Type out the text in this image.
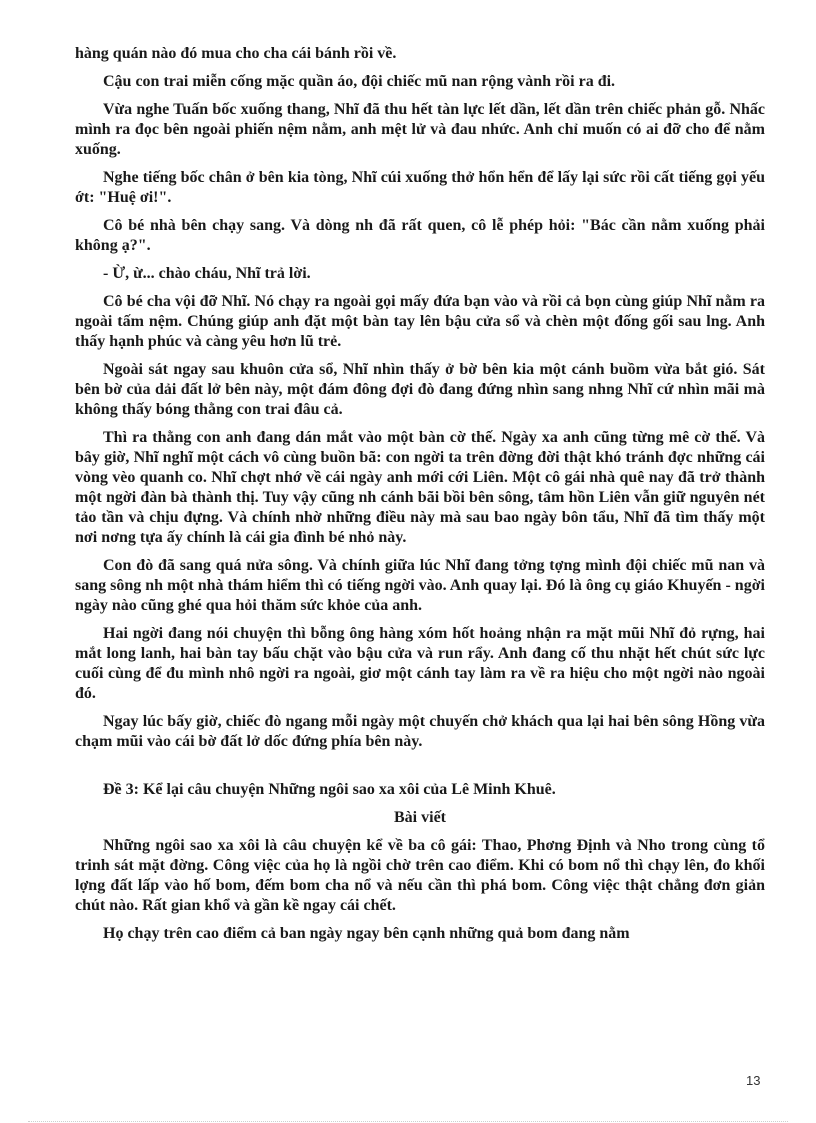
hàng quán nào đó mua cho cha cái bánh rồi về.

Cậu con trai miễn cống mặc quần áo, đội chiếc mũ nan rộng vành rồi ra đi.

Vừa nghe Tuấn bốc xuống thang, Nhĩ đã thu hết tàn lực lết dần, lết dần trên chiếc phản gỗ. Nhấc mình ra đọc bên ngoài phiến nệm nằm, anh mệt lử và đau nhức. Anh chỉ muốn có ai đỡ cho để nằm xuống.

Nghe tiếng bốc chân ở bên kia tòng, Nhĩ cúi xuống thở hổn hển để lấy lại sức rồi cất tiếng gọi yếu ớt: "Huệ ơi!".

Cô bé nhà bên chạy sang. Và dòng nh đã rất quen, cô lễ phép hỏi: "Bác cần nằm xuống phải không ạ?".

- Ừ, ừ... chào cháu, Nhĩ trả lời.

Cô bé cha vội đỡ Nhĩ. Nó chạy ra ngoài gọi mấy đứa bạn vào và rồi cả bọn cùng giúp Nhĩ nằm ra ngoài tấm nệm. Chúng giúp anh đặt một bàn tay lên bậu cửa sổ và chèn một đống gối sau lng. Anh thấy hạnh phúc và càng yêu hơn lũ trẻ.

Ngoài sát ngay sau khuôn cửa sổ, Nhĩ nhìn thấy ở bờ bên kia một cánh buồm vừa bắt gió. Sát bên bờ của dải đất lở bên này, một đám đông đợi đò đang đứng nhìn sang nhng Nhĩ cứ nhìn mãi mà không thấy bóng thằng con trai đâu cả.

Thì ra thằng con anh đang dán mắt vào một bàn cờ thế. Ngày xa anh cũng từng mê cờ thế. Và bây giờ, Nhĩ nghĩ một cách vô cùng buồn bã: con ngời ta trên đờng đời thật khó tránh đợc những cái vòng vèo quanh co. Nhĩ chợt nhớ về cái ngày anh mới cới Liên. Một cô gái nhà quê nay đã trở thành một ngời đàn bà thành thị. Tuy vậy cũng nh cánh bãi bồi bên sông, tâm hồn Liên vẫn giữ nguyên nét tảo tần và chịu đựng. Và chính nhờ những điều này mà sau bao ngày bôn tẩu, Nhĩ đã tìm thấy một nơi nơng tựa ấy chính là cái gia đình bé nhỏ này.

Con đò đã sang quá nửa sông. Và chính giữa lúc Nhĩ đang tởng tợng mình đội chiếc mũ nan và sang sông nh một nhà thám hiểm thì có tiếng ngời vào. Anh quay lại. Đó là ông cụ giáo Khuyến - ngời ngày nào cũng ghé qua hỏi thăm sức khỏe của anh.

Hai ngời đang nói chuyện thì bỗng ông hàng xóm hốt hoảng nhận ra mặt mũi Nhĩ đỏ rựng, hai mắt long lanh, hai bàn tay bấu chặt vào bậu cửa và run rẩy. Anh đang cố thu nhặt hết chút sức lực cuối cùng để đu mình nhô ngời ra ngoài, giơ một cánh tay làm ra về ra hiệu cho một ngời nào ngoài đó.

Ngay lúc bấy giờ, chiếc đò ngang mỗi ngày một chuyến chở khách qua lại hai bên sông Hồng vừa chạm mũi vào cái bờ đất lở dốc đứng phía bên này.

Đề 3: Kể lại câu chuyện Những ngôi sao xa xôi của Lê Minh Khuê.

Bài viết

Những ngôi sao xa xôi là câu chuyện kể về ba cô gái: Thao, Phơng Định và Nho trong cùng tổ trinh sát mặt đờng. Công việc của họ là ngồi chờ trên cao điểm. Khi có bom nổ thì chạy lên, đo khối lợng đất lấp vào hố bom, đếm bom cha nổ và nếu cần thì phá bom. Công việc thật chẳng đơn giản chút nào. Rất gian khổ và gần kề ngay cái chết.

Họ chạy trên cao điểm cả ban ngày ngay bên cạnh những quả bom đang nằm

13
